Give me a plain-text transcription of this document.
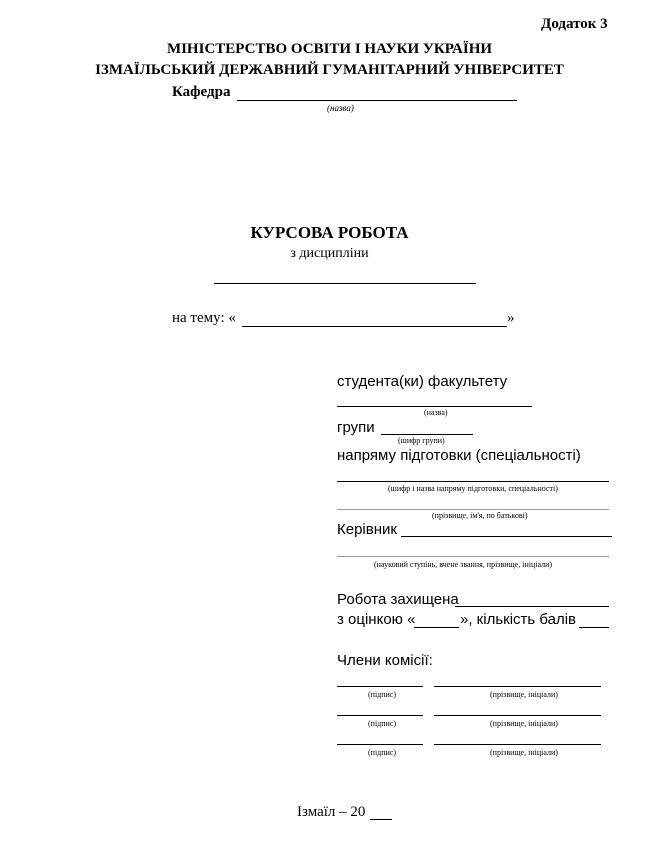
Додаток 3
МІНІСТЕРСТВО ОСВІТИ І НАУКИ УКРАЇНИ
ІЗМАЇЛЬСЬКИЙ ДЕРЖАВНИЙ ГУМАНІТАРНИЙ УНІВЕРСИТЕТ
Кафедра
(назва)
КУРСОВА РОБОТА
з дисципліни
на тему: «	»
студента(ки) факультету
(назва)
групи
(шифр групи)
напряму підготовки (спеціальності)
(шифр і назва напряму підготовки, спеціальності)
(прізвище, ім'я, по батькові)
Керівник
(науковий ступінь, вчене звання, прізвище, ініціали)
Робота захищена
з оцінкою «	», кількість балів
Члени комісії:
(підпис)	(прізвище, ініціали)
(підпис)	(прізвище, ініціали)
(підпис)	(прізвище, ініціали)
Ізмаїл – 20
